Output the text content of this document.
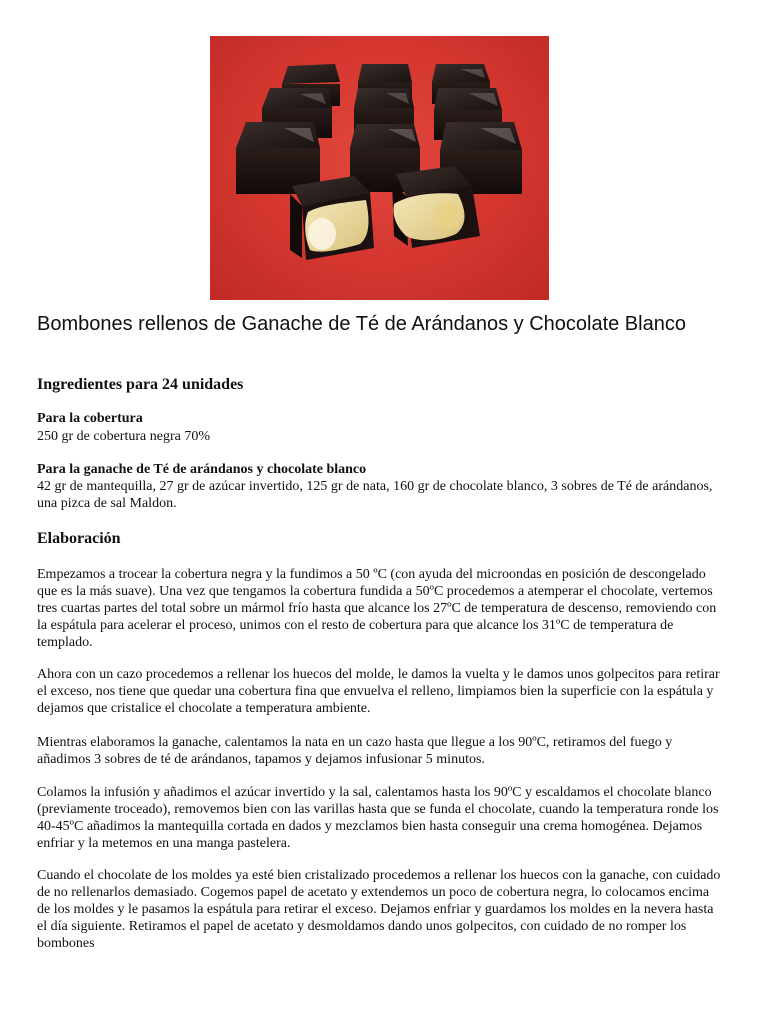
Bombones rellenos de Ganache de Té de Arándanos y Chocolate Blanco
Ingredientes para 24 unidades
Para la cobertura

250 gr de cobertura negra 70%

Para la ganache de Té de arándanos y chocolate blanco

42 gr de mantequilla, 27 gr de azúcar invertido, 125 gr de nata, 160 gr de chocolate blanco, 3 sobres de Té de arándanos, una pizca de sal Maldon.

Elaboración

Empezamos a trocear la cobertura negra y la fundimos a 50 ºC (con ayuda del microondas en posición de descongelado que es la más suave). Una vez que tengamos la cobertura fundida a 50ºC procedemos a atemperar el chocolate, vertemos tres cuartas partes del total sobre un mármol frío hasta que alcance los 27ºC de temperatura de descenso, removiendo con la espátula para acelerar el proceso, unimos con el resto de cobertura para que alcance los 31ºC de temperatura de templado.

Ahora con un cazo procedemos a rellenar los huecos del molde, le damos la vuelta y le damos unos golpecitos para retirar el exceso, nos tiene que quedar una cobertura fina que envuelva el relleno, limpiamos bien la superficie con la espátula y dejamos que cristalice el chocolate a temperatura ambiente.

Mientras elaboramos la ganache, calentamos la nata en un cazo hasta que llegue a los 90ºC, retiramos del fuego y añadimos 3 sobres de té de arándanos, tapamos y dejamos infusionar 5 minutos.

Colamos la infusión y añadimos el azúcar invertido y la sal, calentamos hasta los 90ºC y escaldamos el chocolate blanco (previamente troceado), removemos bien con las varillas hasta que se funda el chocolate, cuando la temperatura ronde los 40-45ºC añadimos la mantequilla cortada en dados y mezclamos bien hasta conseguir una crema homogénea. Dejamos enfriar y la metemos en una manga pastelera.

Cuando el chocolate de los moldes ya esté bien cristalizado procedemos a rellenar los huecos con la ganache, con cuidado de no rellenarlos demasiado. Cogemos papel de acetato y extendemos un poco de cobertura negra, lo colocamos encima de los moldes y le pasamos la espátula para retirar el exceso. Dejamos enfriar y guardamos los moldes en la nevera hasta el día siguiente. Retiramos el papel de acetato y desmoldamos dando unos golpecitos, con cuidado de no romper los bombones
